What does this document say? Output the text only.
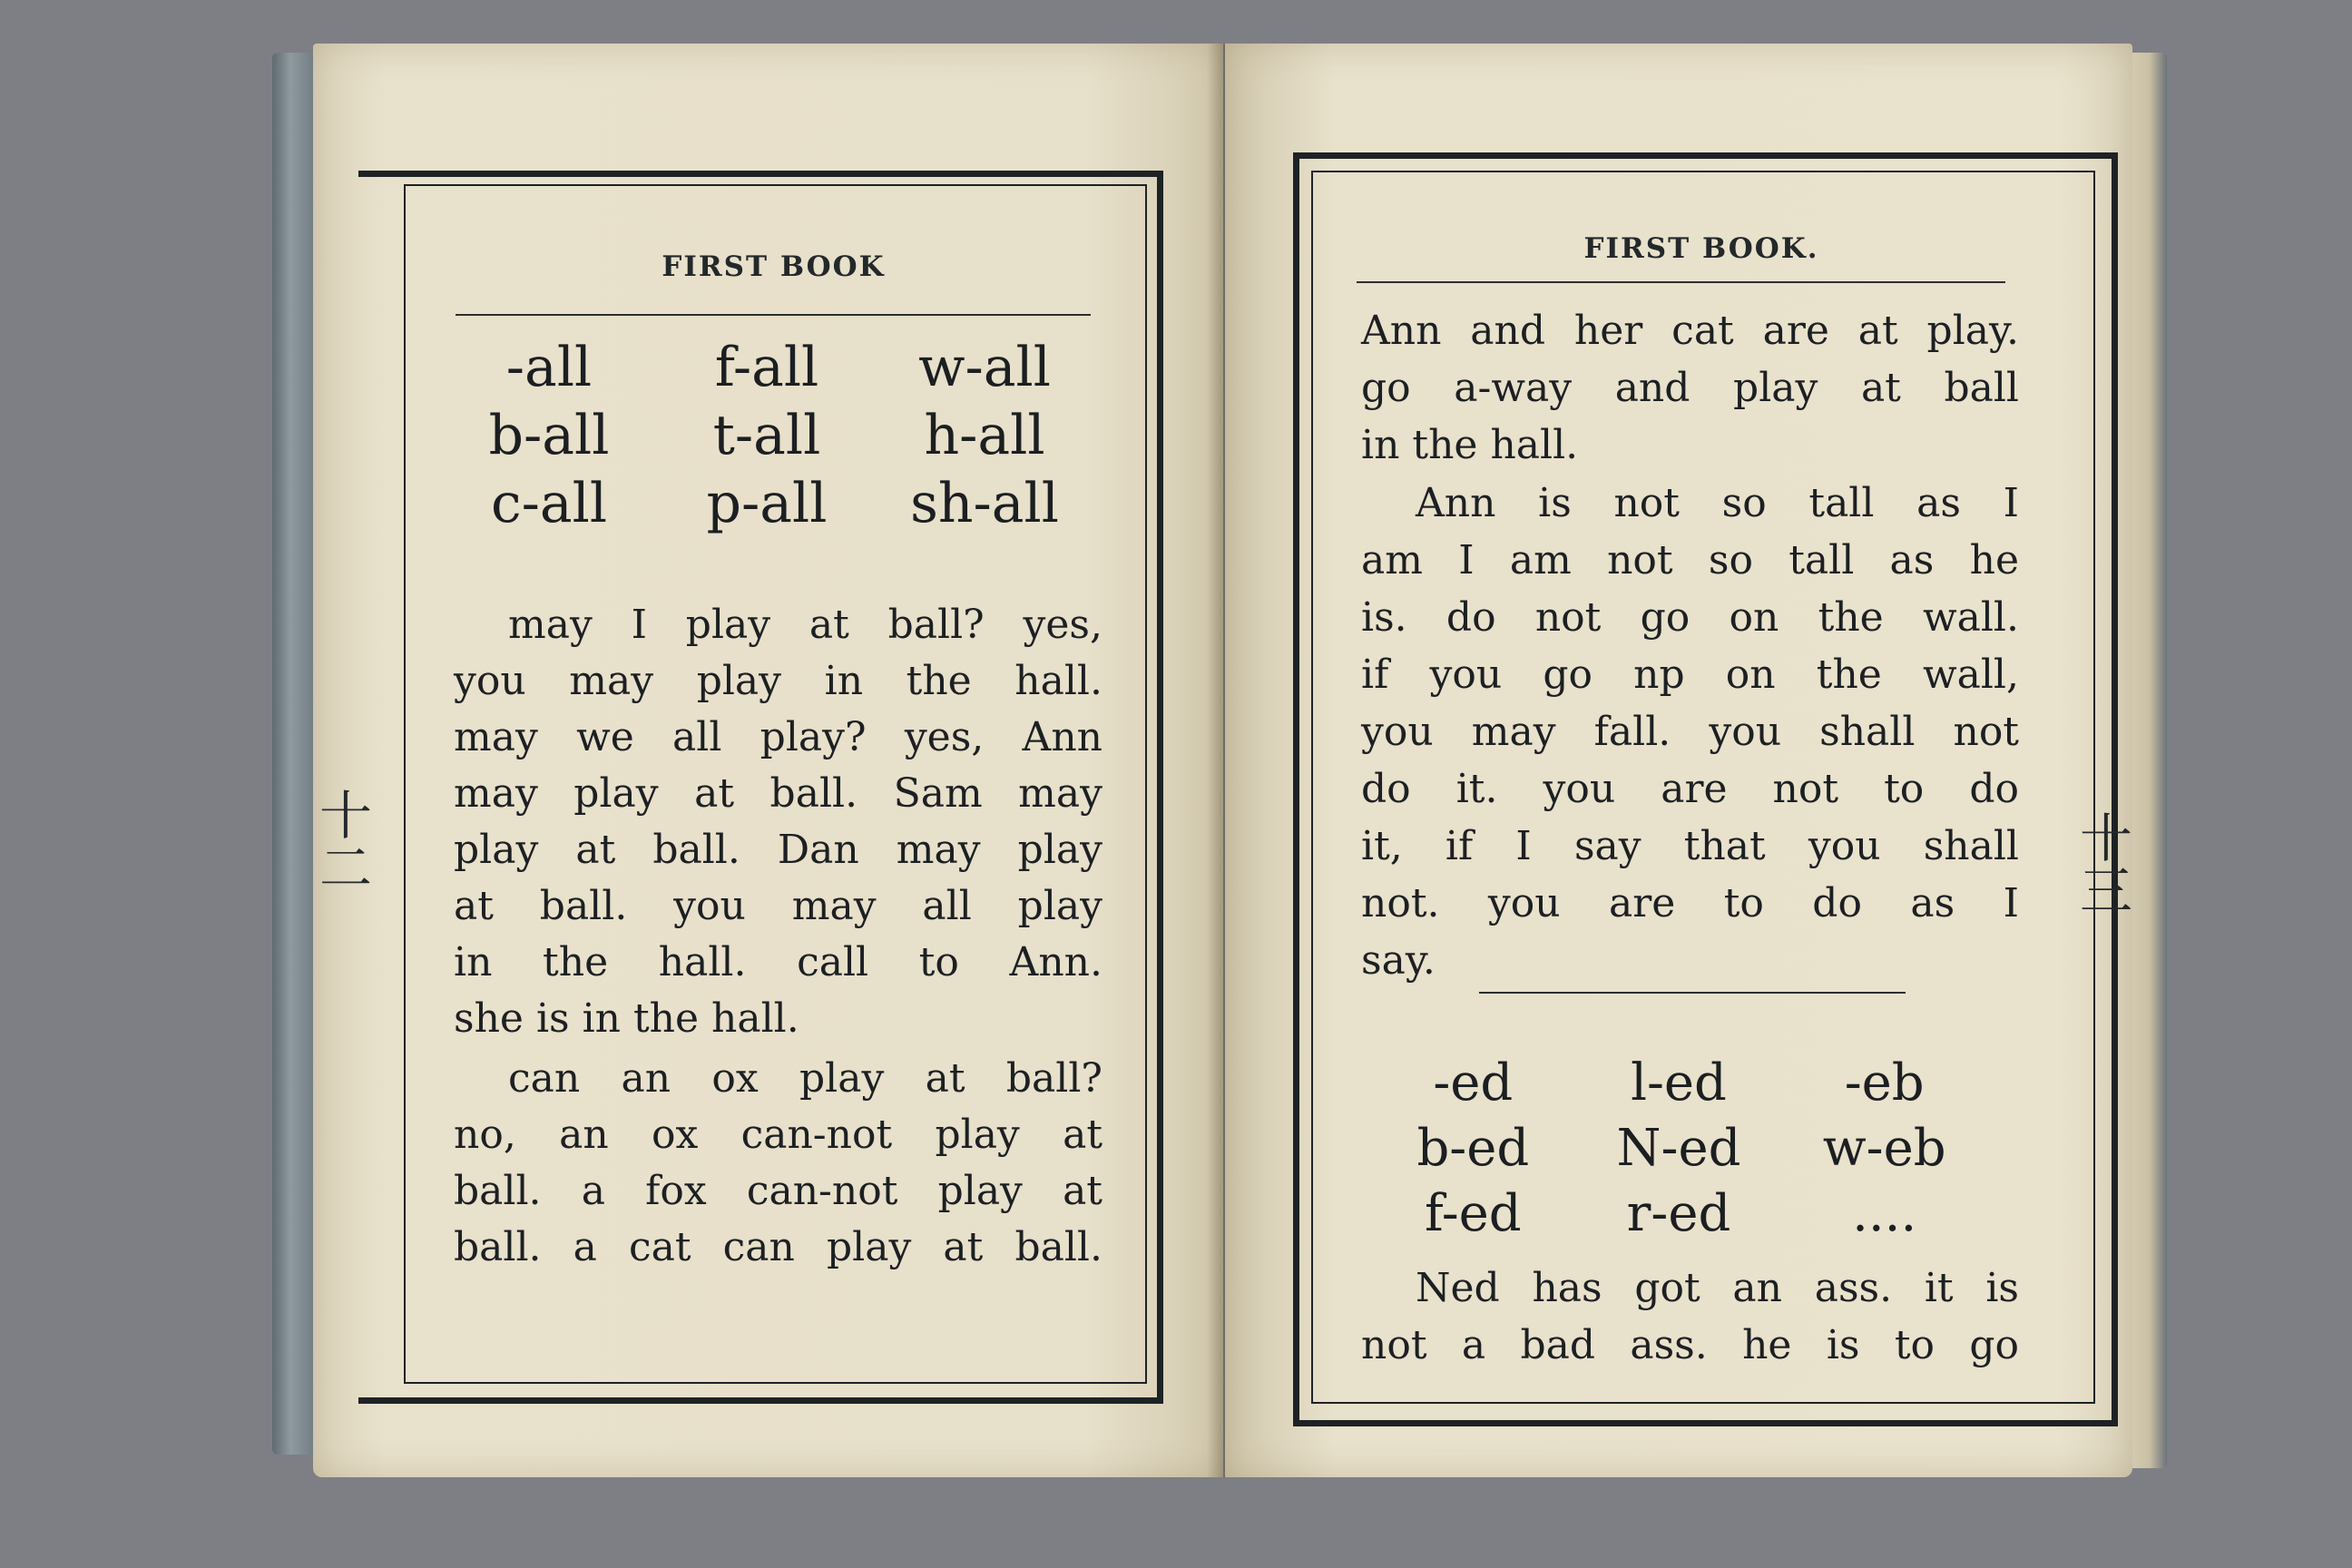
FIRST BOOK
-all	f-all	w-all
b-all	t-all	h-all
c-all	p-all	sh-all
may I play at ball? yes,
you may play in the hall.
may we all play? yes, Ann
may play at ball. Sam may
play at ball. Dan may play
at ball. you may all play
in the hall. call to Ann.
she is in the hall.
can an ox play at ball?
no, an ox can-not play at
ball. a fox can-not play at
ball. a cat can play at ball.
十二
FIRST BOOK.
Ann and her cat are at play.
go a-way and play at ball
in the hall.
Ann is not so tall as I
am I am not so tall as he
is. do not go on the wall.
if you go np on the wall,
you may fall. you shall not
do it. you are not to do
it, if I say that you shall
not. you are to do as I
say.
-ed	l-ed	-eb
b-ed	N-ed	w-eb
f-ed	r-ed	....
Ned has got an ass. it is
not a bad ass. he is to go
十三
